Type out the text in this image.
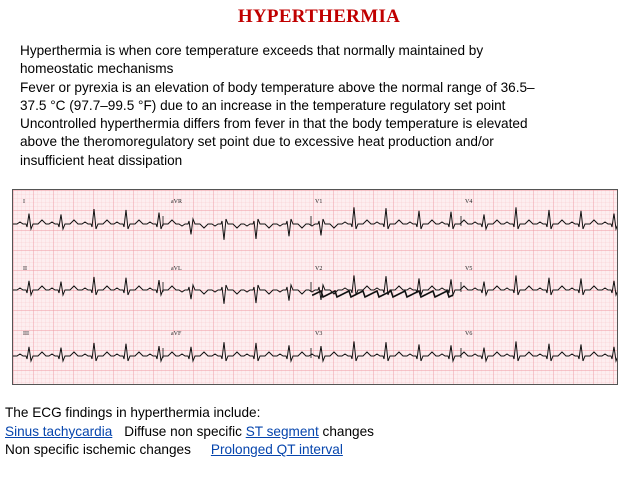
HYPERTHERMIA

Hyperthermia is when core temperature exceeds that normally maintained by

homeostatic mechanisms

Fever or pyrexia is an elevation of body temperature above the normal range of 36.5–

37.5 °C (97.7–99.5 °F) due to an increase in the temperature regulatory set point

Uncontrolled hyperthermia differs from fever in that the body temperature is elevated

above the theromoregulatory set point due to excessive heat production and/or

insufficient heat dissipation

I	aVR	V1	V4
II	aVL	V2	V5
III	aVF	V3	V6

The ECG findings in hyperthermia include:

Sinus tachycardia Diffuse non specific ST segment changes

Non specific ischemic changes Prolonged QT interval
